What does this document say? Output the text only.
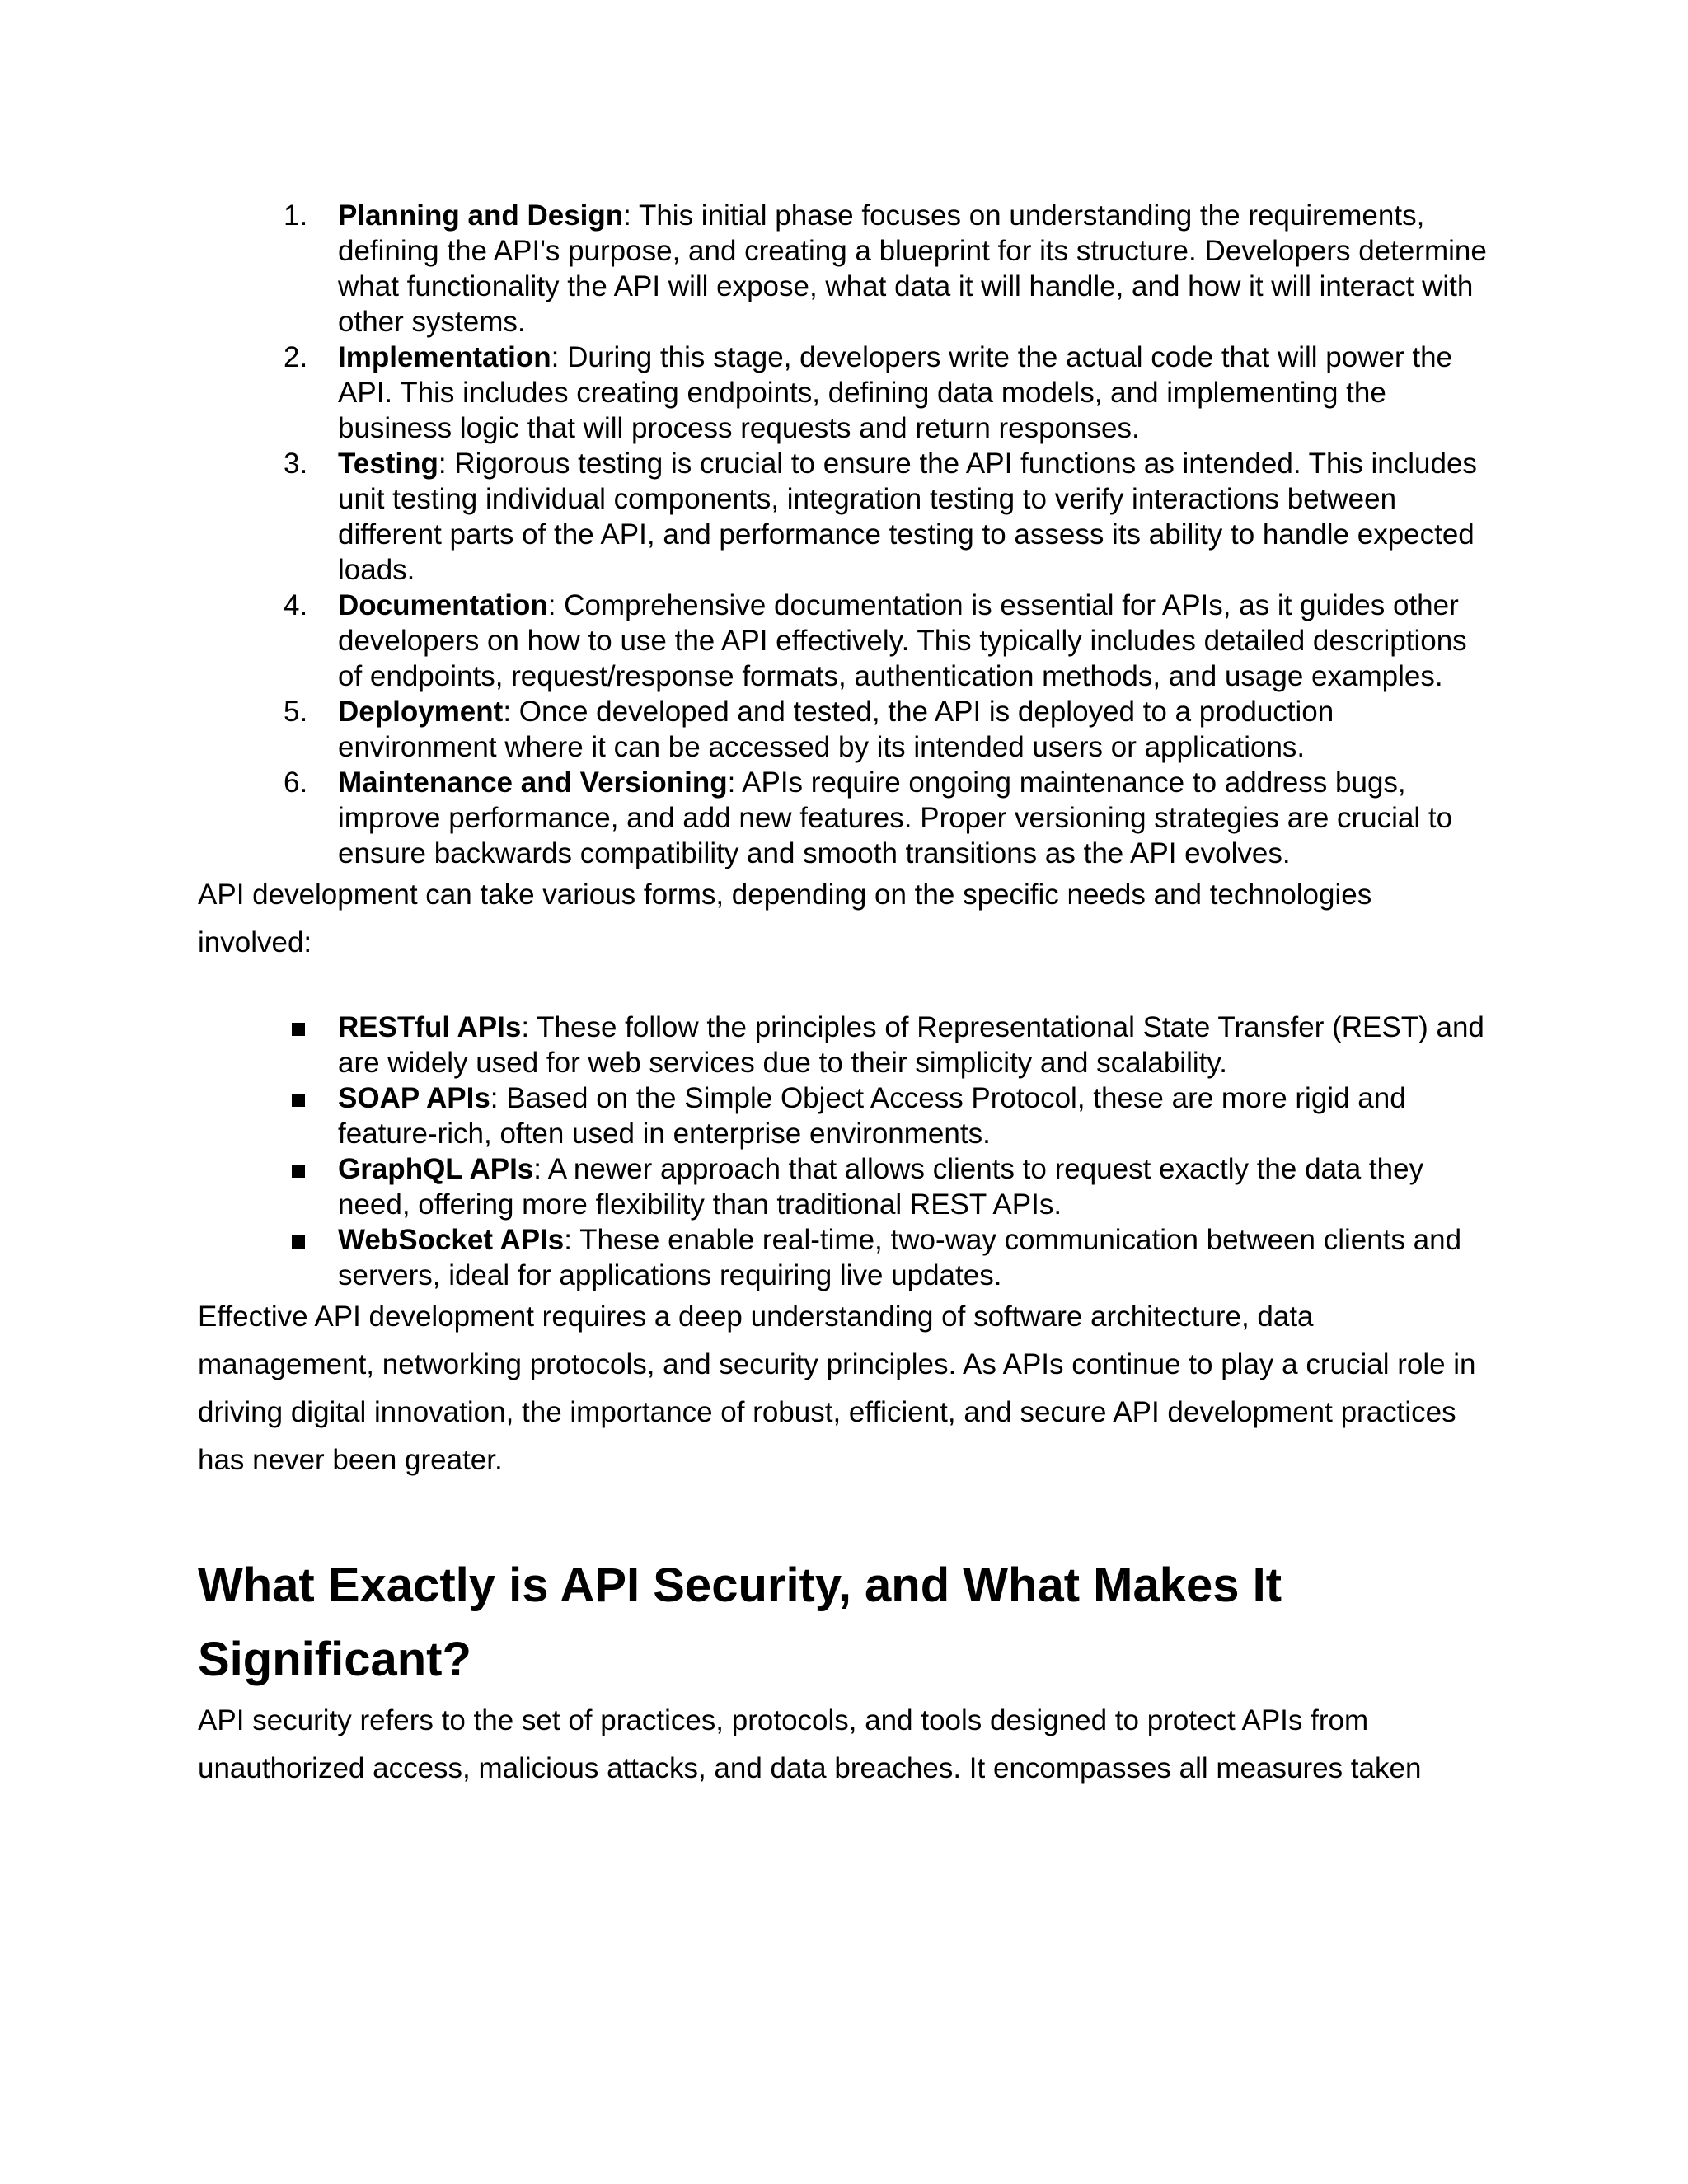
1.	Planning and Design: This initial phase focuses on understanding the requirements, defining the API's purpose, and creating a blueprint for its structure. Developers determine what functionality the API will expose, what data it will handle, and how it will interact with other systems.
2.	Implementation: During this stage, developers write the actual code that will power the API. This includes creating endpoints, defining data models, and implementing the business logic that will process requests and return responses.
3.	Testing: Rigorous testing is crucial to ensure the API functions as intended. This includes unit testing individual components, integration testing to verify interactions between different parts of the API, and performance testing to assess its ability to handle expected loads.
4.	Documentation: Comprehensive documentation is essential for APIs, as it guides other developers on how to use the API effectively. This typically includes detailed descriptions of endpoints, request/response formats, authentication methods, and usage examples.
5.	Deployment: Once developed and tested, the API is deployed to a production environment where it can be accessed by its intended users or applications.
6.	Maintenance and Versioning: APIs require ongoing maintenance to address bugs, improve performance, and add new features. Proper versioning strategies are crucial to ensure backwards compatibility and smooth transitions as the API evolves.

API development can take various forms, depending on the specific needs and technologies involved:

RESTful APIs: These follow the principles of Representational State Transfer (REST) and are widely used for web services due to their simplicity and scalability.
SOAP APIs: Based on the Simple Object Access Protocol, these are more rigid and feature-rich, often used in enterprise environments.
GraphQL APIs: A newer approach that allows clients to request exactly the data they need, offering more flexibility than traditional REST APIs.
WebSocket APIs: These enable real-time, two-way communication between clients and servers, ideal for applications requiring live updates.

Effective API development requires a deep understanding of software architecture, data management, networking protocols, and security principles. As APIs continue to play a crucial role in driving digital innovation, the importance of robust, efficient, and secure API development practices has never been greater.

What Exactly is API Security, and What Makes It Significant?

API security refers to the set of practices, protocols, and tools designed to protect APIs from unauthorized access, malicious attacks, and data breaches. It encompasses all measures taken
